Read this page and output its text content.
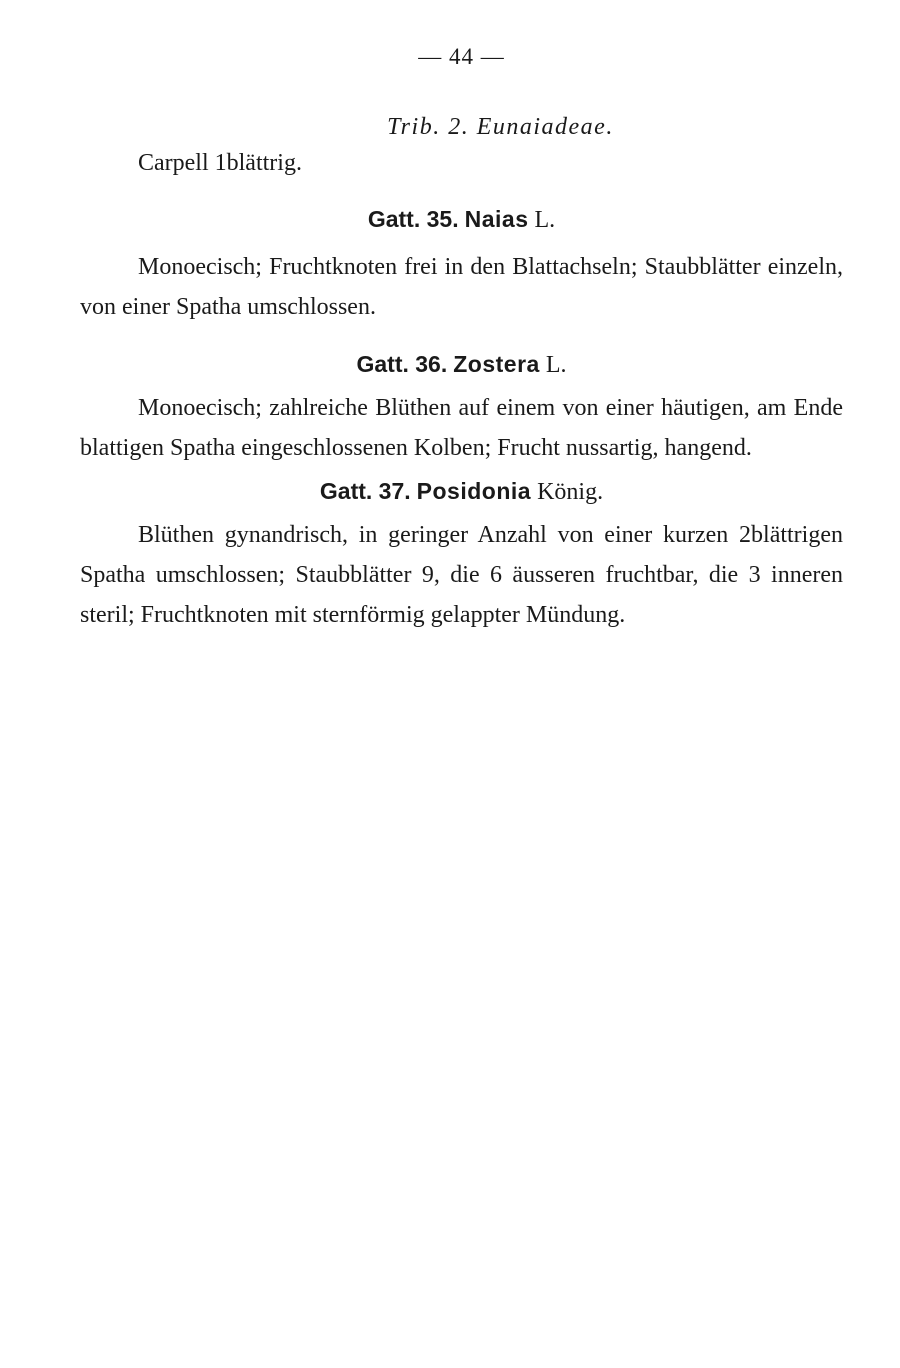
— 44 —

Trib. 2. Eunaiadeae.

Carpell 1blättrig.

Gatt. 35. Naias L.

Monoecisch; Fruchtknoten frei in den Blattachseln; Staubblätter einzeln, von einer Spatha umschlossen.

Gatt. 36. Zostera L.

Monoecisch; zahlreiche Blüthen auf einem von einer häutigen, am Ende blattigen Spatha eingeschlossenen Kolben; Frucht nussartig, hangend.

Gatt. 37. Posidonia König.

Blüthen gynandrisch, in geringer Anzahl von einer kurzen 2blättrigen Spatha umschlossen; Staubblätter 9, die 6 äusseren fruchtbar, die 3 inneren steril; Fruchtknoten mit sternförmig gelappter Mündung.
